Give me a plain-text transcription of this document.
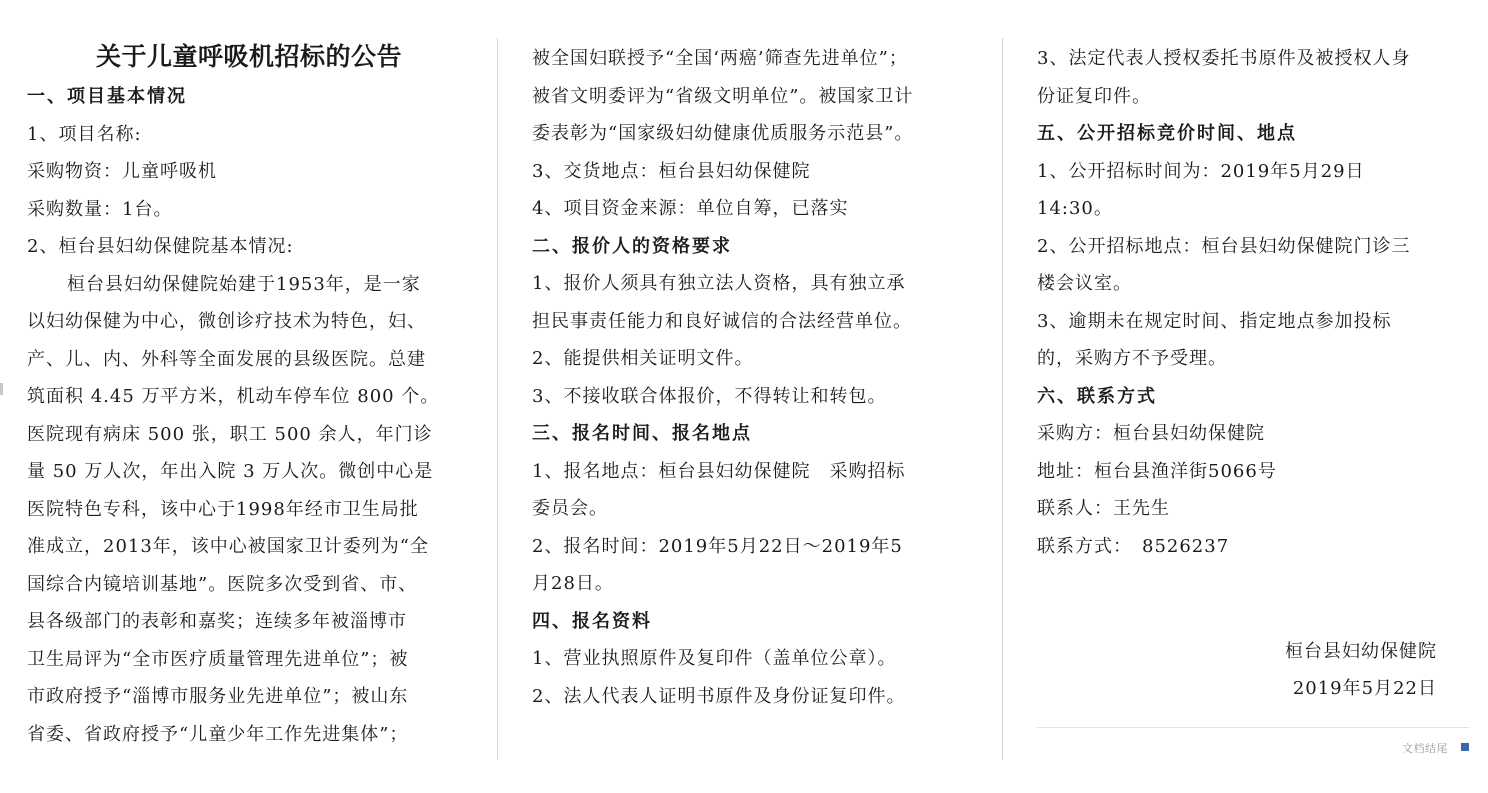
关于儿童呼吸机招标的公告
一、项目基本情况
1、项目名称:
采购物资：儿童呼吸机
采购数量：1台。
2、桓台县妇幼保健院基本情况:
桓台县妇幼保健院始建于1953年，是一家
以妇幼保健为中心，微创诊疗技术为特色，妇、
产、儿、内、外科等全面发展的县级医院。总建
筑面积 4.45 万平方米，机动车停车位 800 个。
医院现有病床 500 张，职工 500 余人，年门诊
量 50 万人次，年出入院 3 万人次。微创中心是
医院特色专科，该中心于1998年经市卫生局批
准成立，2013年，该中心被国家卫计委列为“全
国综合内镜培训基地”。医院多次受到省、市、
县各级部门的表彰和嘉奖；连续多年被淄博市
卫生局评为“全市医疗质量管理先进单位”；被
市政府授予“淄博市服务业先进单位”；被山东
省委、省政府授予“儿童少年工作先进集体”；
被全国妇联授予“全国‘两癌’筛查先进单位”；
被省文明委评为“省级文明单位”。被国家卫计
委表彰为“国家级妇幼健康优质服务示范县”。
3、交货地点：桓台县妇幼保健院
4、项目资金来源：单位自筹，已落实
二、报价人的资格要求
1、报价人须具有独立法人资格，具有独立承
担民事责任能力和良好诚信的合法经营单位。
2、能提供相关证明文件。
3、不接收联合体报价，不得转让和转包。
三、报名时间、报名地点
1、报名地点：桓台县妇幼保健院　采购招标
委员会。
2、报名时间：2019年5月22日～2019年5
月28日。
四、报名资料
1、营业执照原件及复印件（盖单位公章）。
2、法人代表人证明书原件及身份证复印件。
3、法定代表人授权委托书原件及被授权人身
份证复印件。
五、公开招标竞价时间、地点
1、公开招标时间为：2019年5月29日
14:30。
2、公开招标地点：桓台县妇幼保健院门诊三
楼会议室。
3、逾期未在规定时间、指定地点参加投标
的，采购方不予受理。
六、联系方式
采购方：桓台县妇幼保健院
地址：桓台县渔洋街5066号
联系人：王先生
联系方式：　8526237
桓台县妇幼保健院
2019年5月22日
文档结尾
